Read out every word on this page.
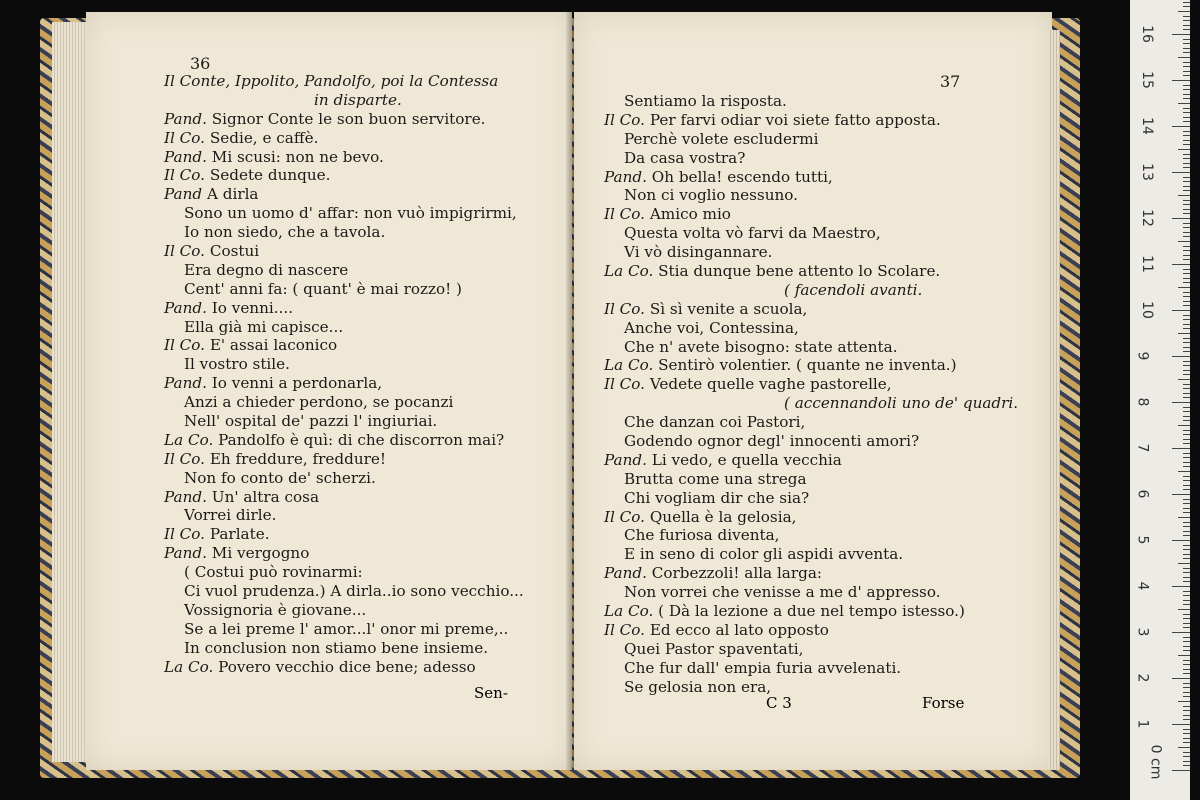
36
Il Conte, Ippolito, Pandolfo, poi la Contessa
in disparte.
Pand. Signor Conte le son buon servitore.
Il Co. Sedie, e caffè.
Pand. Mi scusi: non ne bevo.
Il Co. Sedete dunque.
Pand A dirla
Sono un uomo d' affar: non vuò impigrirmi,
Io non siedo, che a tavola.
Il Co. Costui
Era degno di nascere
Cent' anni fa: ( quant' è mai rozzo! )
Pand. Io venni....
Ella già mi capisce...
Il Co. E' assai laconico
Il vostro stile.
Pand. Io venni a perdonarla,
Anzi a chieder perdono, se pocanzi
Nell' ospital de' pazzi l' ingiuriai.
La Co. Pandolfo è quì: di che discorron mai?
Il Co. Eh freddure, freddure!
Non fo conto de' scherzi.
Pand. Un' altra cosa
Vorrei dirle.
Il Co. Parlate.
Pand. Mi vergogno
( Costui può rovinarmi:
Ci vuol prudenza.) A dirla..io sono vecchio...
Vossignoria è giovane...
Se a lei preme l' amor...l' onor mi preme,..
In conclusion non stiamo bene insieme.
La Co. Povero vecchio dice bene; adesso
Sen-
37
Sentiamo la risposta.
Il Co. Per farvi odiar voi siete fatto apposta.
Perchè volete escludermi
Da casa vostra?
Pand. Oh bella! escendo tutti,
Non ci voglio nessuno.
Il Co. Amico mio
Questa volta vò farvi da Maestro,
Vi vò disingannare.
La Co. Stia dunque bene attento lo Scolare.
( facendoli avanti.
Il Co. Sì sì venite a scuola,
Anche voi, Contessina,
Che n' avete bisogno: state attenta.
La Co. Sentirò volentier. ( quante ne inventa.)
Il Co. Vedete quelle vaghe pastorelle,
( accennandoli uno de' quadri.
Che danzan coi Pastori,
Godendo ognor degl' innocenti amori?
Pand. Li vedo, e quella vecchia
Brutta come una strega
Chi vogliam dir che sia?
Il Co. Quella è la gelosia,
Che furiosa diventa,
E in seno di color gli aspidi avventa.
Pand. Corbezzoli! alla larga:
Non vorrei che venisse a me d' appresso.
La Co. ( Dà la lezione a due nel tempo istesso.)
Il Co. Ed ecco al lato opposto
Quei Pastor spaventati,
Che fur dall' empia furia avvelenati.
Se gelosia non era,
C 3	Forse
0 cm
1
2
3
4
5
6
7
8
9
10
11
12
13
14
15
16
